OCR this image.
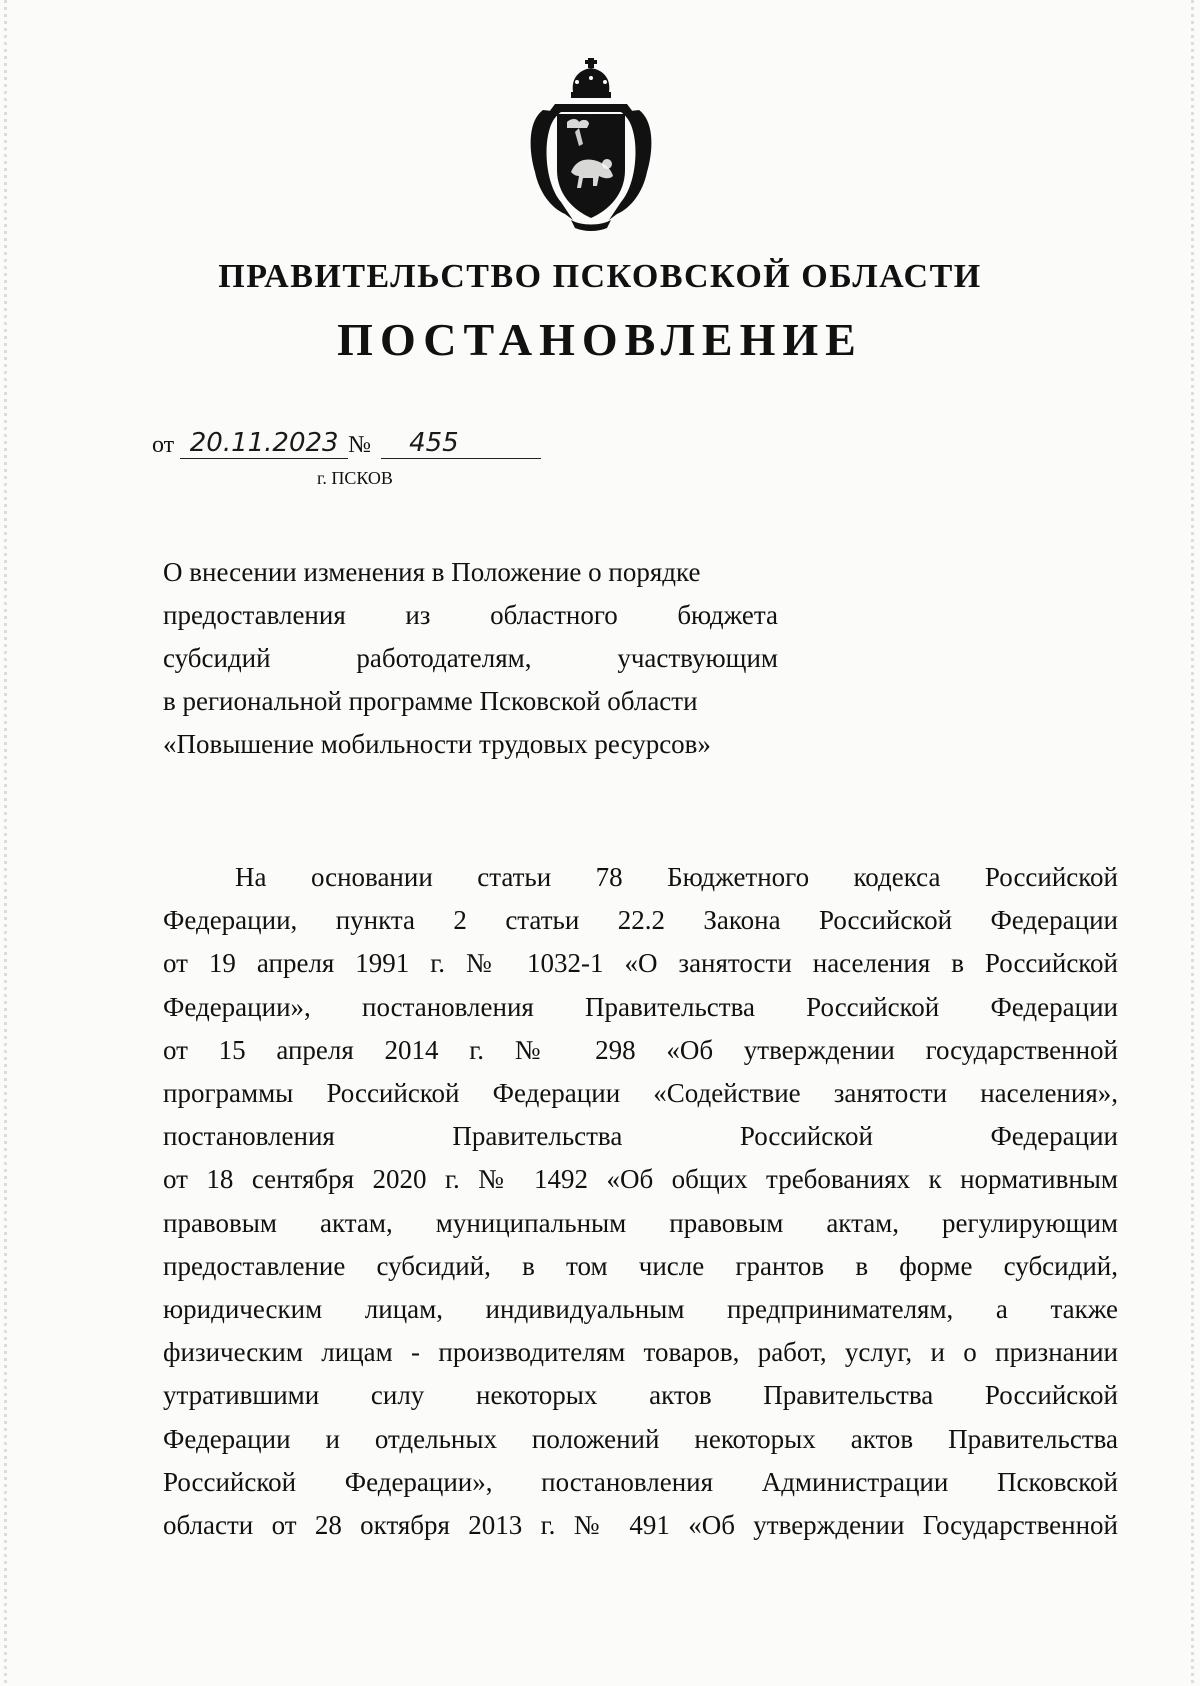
ПРАВИТЕЛЬСТВО ПСКОВСКОЙ ОБЛАСТИ
ПОСТАНОВЛЕНИЕ
от 20.11.2023 № 455
г. ПСКОВ
О внесении изменения в Положение о порядке
предоставления из областного бюджета
субсидий работодателям, участвующим
в региональной программе Псковской области
«Повышение мобильности трудовых ресурсов»
На основании статьи 78 Бюджетного кодекса Российской
Федерации, пункта 2 статьи 22.2 Закона Российской Федерации
от 19 апреля 1991 г. № 1032-1 «О занятости населения в Российской
Федерации», постановления Правительства Российской Федерации
от 15 апреля 2014 г. № 298 «Об утверждении государственной
программы Российской Федерации «Содействие занятости населения»,
постановления Правительства Российской Федерации
от 18 сентября 2020 г. № 1492 «Об общих требованиях к нормативным
правовым актам, муниципальным правовым актам, регулирующим
предоставление субсидий, в том числе грантов в форме субсидий,
юридическим лицам, индивидуальным предпринимателям, а также
физическим лицам - производителям товаров, работ, услуг, и о признании
утратившими силу некоторых актов Правительства Российской
Федерации и отдельных положений некоторых актов Правительства
Российской Федерации», постановления Администрации Псковской
области от 28 октября 2013 г. № 491 «Об утверждении Государственной
